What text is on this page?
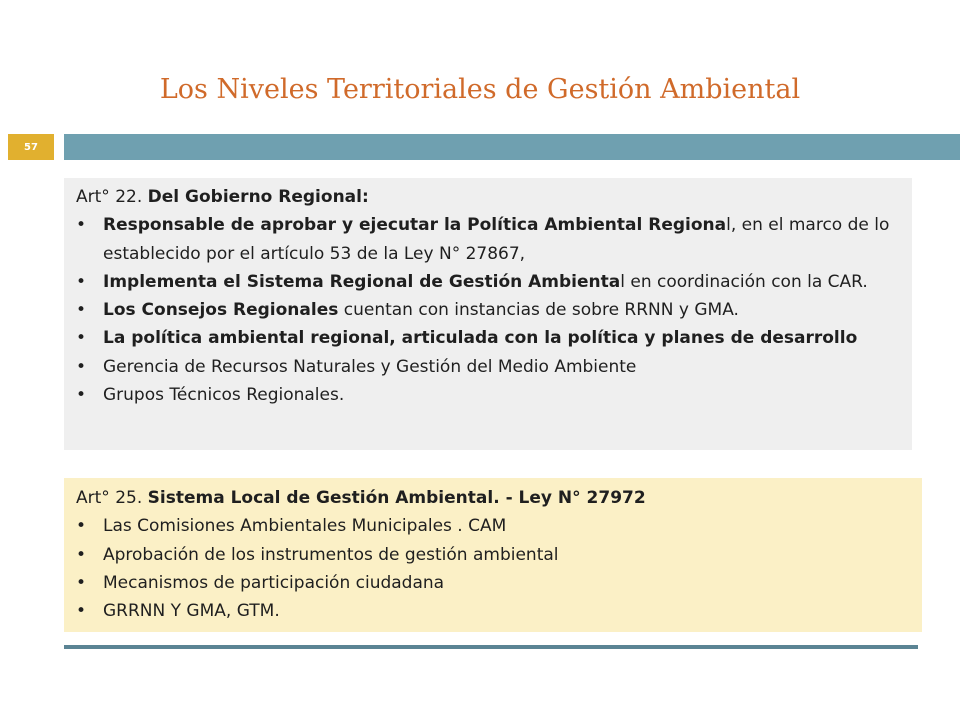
Los Niveles Territoriales de Gestión Ambiental
57
Art° 22. Del Gobierno Regional:
• Responsable de aprobar y ejecutar la Política Ambiental Regional, en el marco de lo establecido por el artículo 53 de la Ley N° 27867,
• Implementa el Sistema Regional de Gestión Ambiental en coordinación con la CAR.
• Los Consejos Regionales cuentan con instancias de sobre RRNN y GMA.
• La política ambiental regional, articulada con la política y planes de desarrollo
• Gerencia de Recursos Naturales y Gestión del Medio Ambiente
• Grupos Técnicos Regionales.
Art° 25. Sistema Local de Gestión Ambiental. - Ley N° 27972
• Las Comisiones Ambientales Municipales . CAM
• Aprobación de los instrumentos de gestión ambiental
• Mecanismos de participación ciudadana
• GRRNN Y GMA, GTM.
